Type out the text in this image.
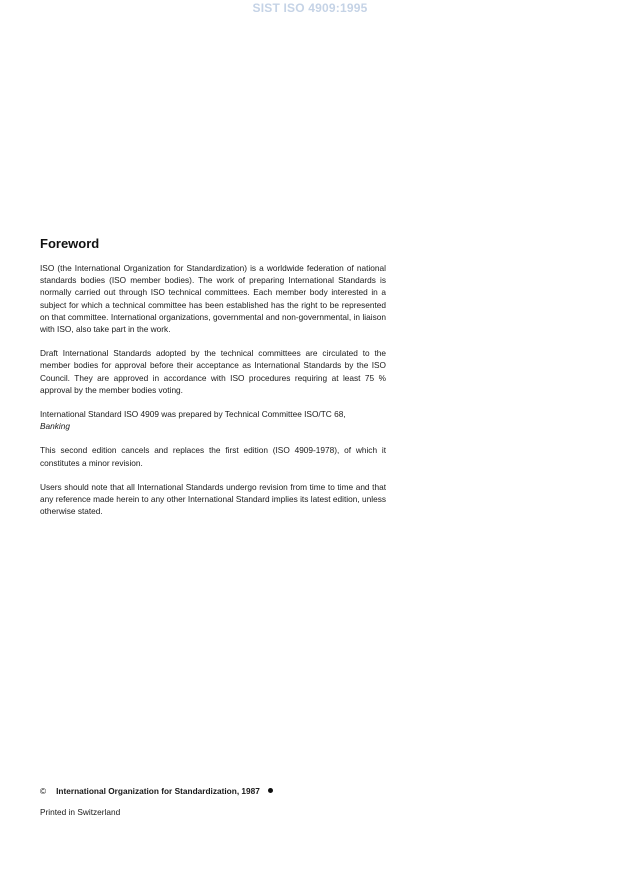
SIST ISO 4909:1995
Foreword

ISO (the International Organization for Standardization) is a worldwide federation of national standards bodies (ISO member bodies). The work of preparing International Standards is normally carried out through ISO technical committees. Each member body interested in a subject for which a technical committee has been established has the right to be represented on that committee. International organizations, governmental and non-governmental, in liaison with ISO, also take part in the work.

Draft International Standards adopted by the technical committees are circulated to the member bodies for approval before their acceptance as International Standards by the ISO Council. They are approved in accordance with ISO procedures requiring at least 75 % approval by the member bodies voting.

International Standard ISO 4909 was prepared by Technical Committee ISO/TC 68,
Banking

This second edition cancels and replaces the first edition (ISO 4909-1978), of which it constitutes a minor revision.

Users should note that all International Standards undergo revision from time to time and that any reference made herein to any other International Standard implies its latest edition, unless otherwise stated.

© International Organization for Standardization, 1987
Printed in Switzerland
